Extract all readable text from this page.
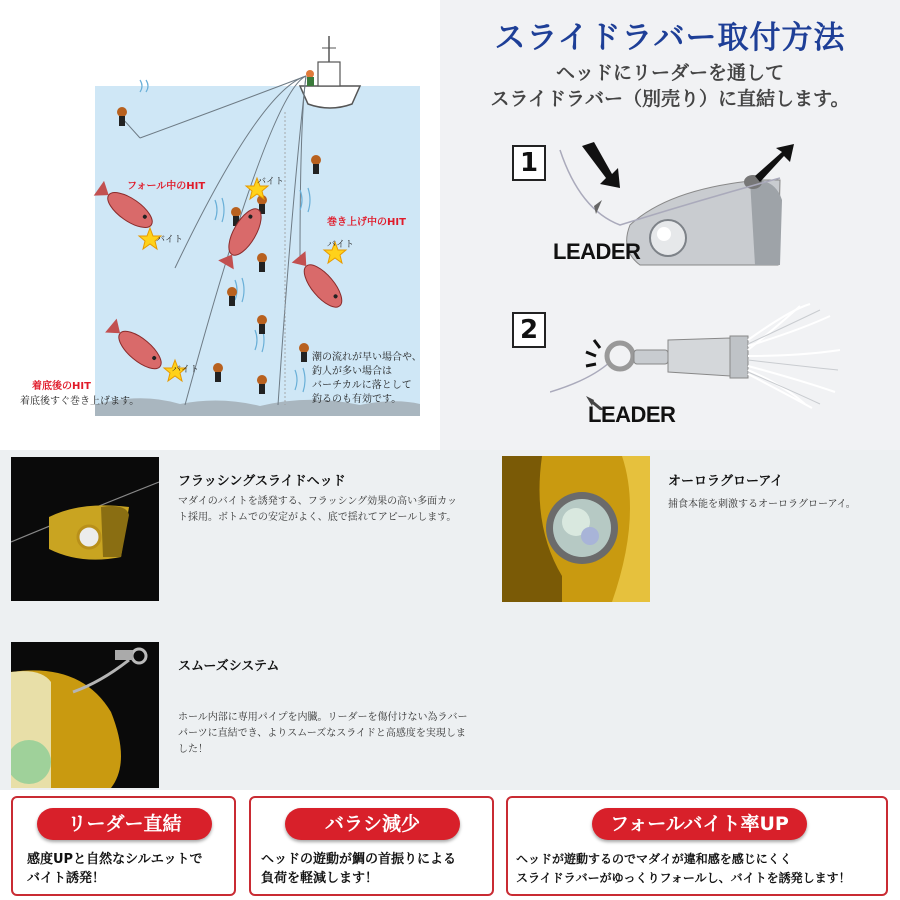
フォール中のHIT
巻き上げ中のHIT
着底後のHIT
着底後すぐ巻き上げます。
バイト
バイト
バイト
バイト
潮の流れが早い場合や、
釣人が多い場合は
バーチカルに落として
釣るのも有効です。
スライドラバー取付方法
ヘッドにリーダーを通して
スライドラバー（別売り）に直結します。
1
LEADER
2
LEADER
フラッシングスライドヘッド
マダイのバイトを誘発する、フラッシング効果の高い多面カット採用。ボトムでの安定がよく、底で揺れてアピールします。
オーロラグローアイ
捕食本能を刺激するオーロラグローアイ。
スムーズシステム
ホール内部に専用パイプを内臓。リーダーを傷付けない為ラバーパーツに直結でき、よりスムーズなスライドと高感度を実現しました！
リーダー直結
感度UPと自然なシルエットで
バイト誘発！
バラシ減少
ヘッドの遊動が鯛の首振りによる
負荷を軽減します！
フォールバイト率UP
ヘッドが遊動するのでマダイが違和感を感じにくく
スライドラバーがゆっくりフォールし、バイトを誘発します！
